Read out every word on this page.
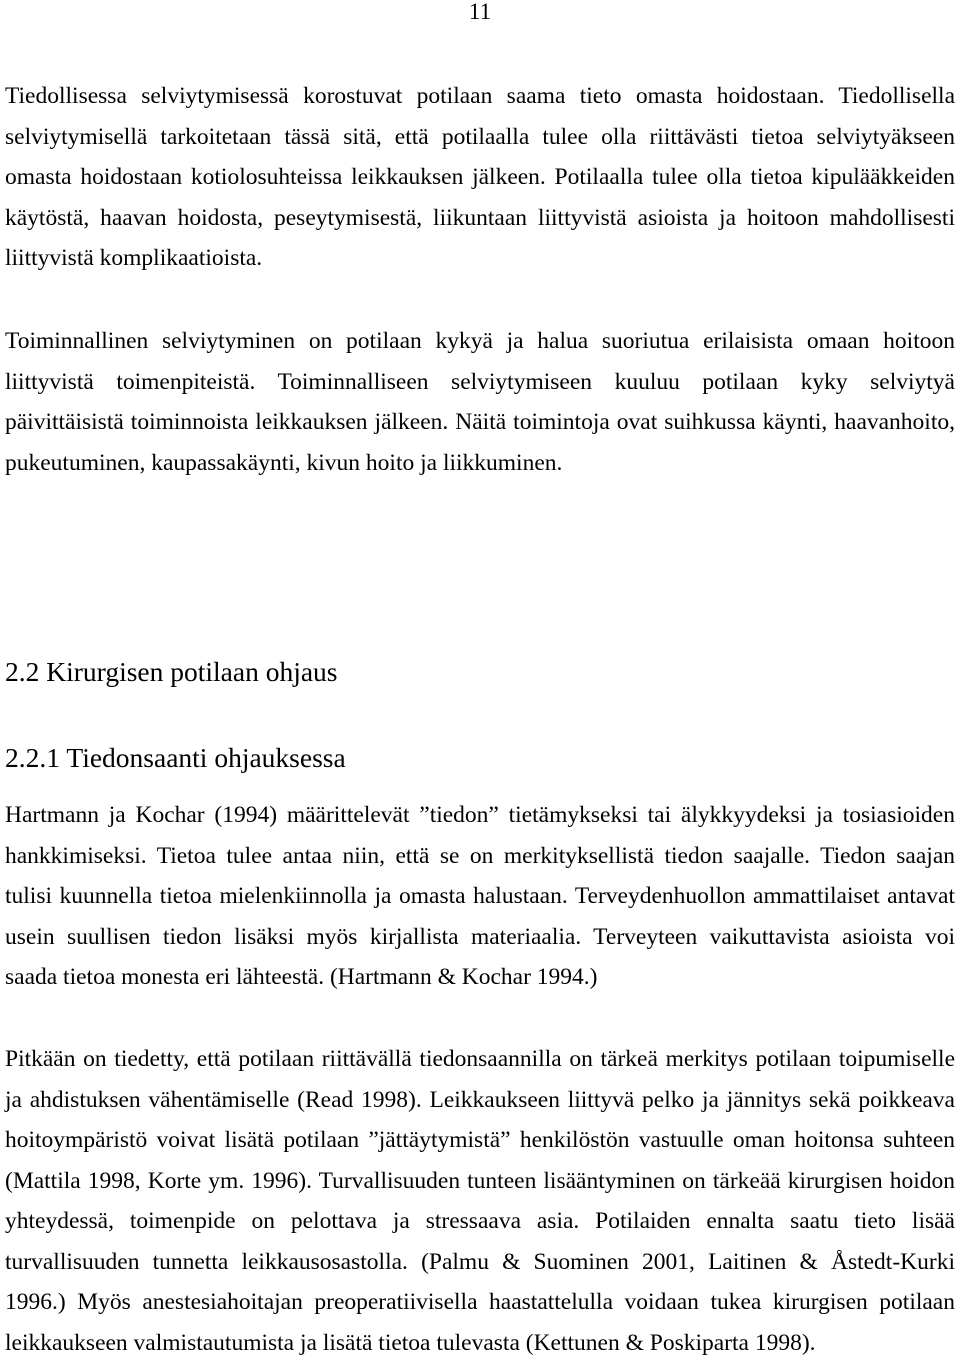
11
Tiedollisessa selviytymisessä korostuvat potilaan saama tieto omasta hoidostaan. Tiedollisella
selviytymisellä tarkoitetaan tässä sitä, että potilaalla tulee olla riittävästi tietoa selviytyäkseen
omasta hoidostaan kotiolosuhteissa leikkauksen jälkeen. Potilaalla tulee olla tietoa kipulääkkeiden
käytöstä, haavan hoidosta, peseytymisestä, liikuntaan liittyvistä asioista ja hoitoon mahdollisesti
liittyvistä komplikaatioista.
Toiminnallinen selviytyminen on potilaan kykyä ja halua suoriutua erilaisista omaan hoitoon
liittyvistä toimenpiteistä. Toiminnalliseen selviytymiseen kuuluu potilaan kyky selviytyä
päivittäisistä toiminnoista leikkauksen jälkeen. Näitä toimintoja ovat suihkussa käynti, haavanhoito,
pukeutuminen, kaupassakäynti, kivun hoito ja liikkuminen.
2.2 Kirurgisen potilaan ohjaus
2.2.1 Tiedonsaanti ohjauksessa
Hartmann ja Kochar (1994) määrittelevät ”tiedon” tietämykseksi tai älykkyydeksi ja tosiasioiden
hankkimiseksi. Tietoa tulee antaa niin, että se on merkityksellistä tiedon saajalle. Tiedon saajan
tulisi kuunnella tietoa mielenkiinnolla ja omasta halustaan. Terveydenhuollon ammattilaiset antavat
usein suullisen tiedon lisäksi myös kirjallista materiaalia. Terveyteen vaikuttavista asioista voi
saada tietoa monesta eri lähteestä. (Hartmann & Kochar 1994.)
Pitkään on tiedetty, että potilaan riittävällä tiedonsaannilla on tärkeä merkitys potilaan toipumiselle
ja ahdistuksen vähentämiselle (Read 1998). Leikkaukseen liittyvä pelko ja jännitys sekä poikkeava
hoitoympäristö voivat lisätä potilaan ”jättäytymistä” henkilöstön vastuulle oman hoitonsa suhteen
(Mattila 1998, Korte ym. 1996). Turvallisuuden tunteen lisääntyminen on tärkeää kirurgisen hoidon
yhteydessä, toimenpide on pelottava ja stressaava asia. Potilaiden ennalta saatu tieto lisää
turvallisuuden tunnetta leikkausosastolla. (Palmu & Suominen 2001, Laitinen & Åstedt-Kurki
1996.) Myös anestesiahoitajan preoperatiivisella haastattelulla voidaan tukea kirurgisen potilaan
leikkaukseen valmistautumista ja lisätä tietoa tulevasta (Kettunen & Poskiparta 1998).
